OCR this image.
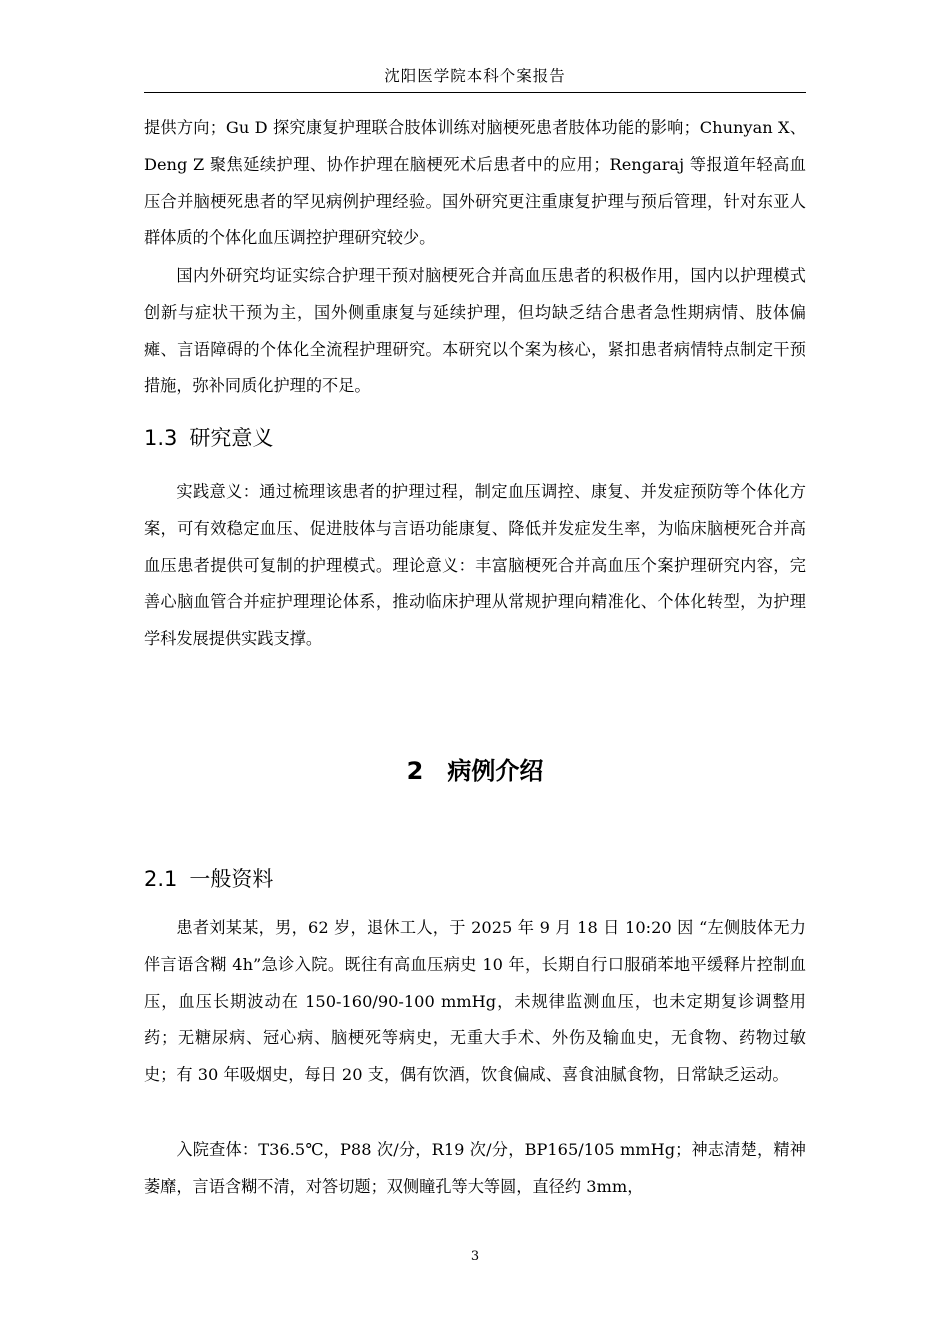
沈阳医学院本科个案报告

提供方向；Gu D 探究康复护理联合肢体训练对脑梗死患者肢体功能的影响；Chunyan X、Deng Z 聚焦延续护理、协作护理在脑梗死术后患者中的应用；Rengaraj 等报道年轻高血压合并脑梗死患者的罕见病例护理经验。国外研究更注重康复护理与预后管理，针对东亚人群体质的个体化血压调控护理研究较少。

国内外研究均证实综合护理干预对脑梗死合并高血压患者的积极作用，国内以护理模式创新与症状干预为主，国外侧重康复与延续护理，但均缺乏结合患者急性期病情、肢体偏瘫、言语障碍的个体化全流程护理研究。本研究以个案为核心，紧扣患者病情特点制定干预措施，弥补同质化护理的不足。

1.3 研究意义

实践意义：通过梳理该患者的护理过程，制定血压调控、康复、并发症预防等个体化方案，可有效稳定血压、促进肢体与言语功能康复、降低并发症发生率，为临床脑梗死合并高血压患者提供可复制的护理模式。理论意义：丰富脑梗死合并高血压个案护理研究内容，完善心脑血管合并症护理理论体系，推动临床护理从常规护理向精准化、个体化转型，为护理学科发展提供实践支撑。

2 病例介绍
2.1 一般资料

患者刘某某，男，62 岁，退休工人，于 2025 年 9 月 18 日 10:20 因 “左侧肢体无力伴言语含糊 4h”急诊入院。既往有高血压病史 10 年，长期自行口服硝苯地平缓释片控制血压，血压长期波动在 150-160/90-100 mmHg，未规律监测血压，也未定期复诊调整用药；无糖尿病、冠心病、脑梗死等病史，无重大手术、外伤及输血史，无食物、药物过敏史；有 30 年吸烟史，每日 20 支，偶有饮酒，饮食偏咸、喜食油腻食物，日常缺乏运动。

入院查体：T36.5℃，P88 次/分，R19 次/分，BP165/105 mmHg；神志清楚，精神萎靡，言语含糊不清，对答切题；双侧瞳孔等大等圆，直径约 3mm，

3
